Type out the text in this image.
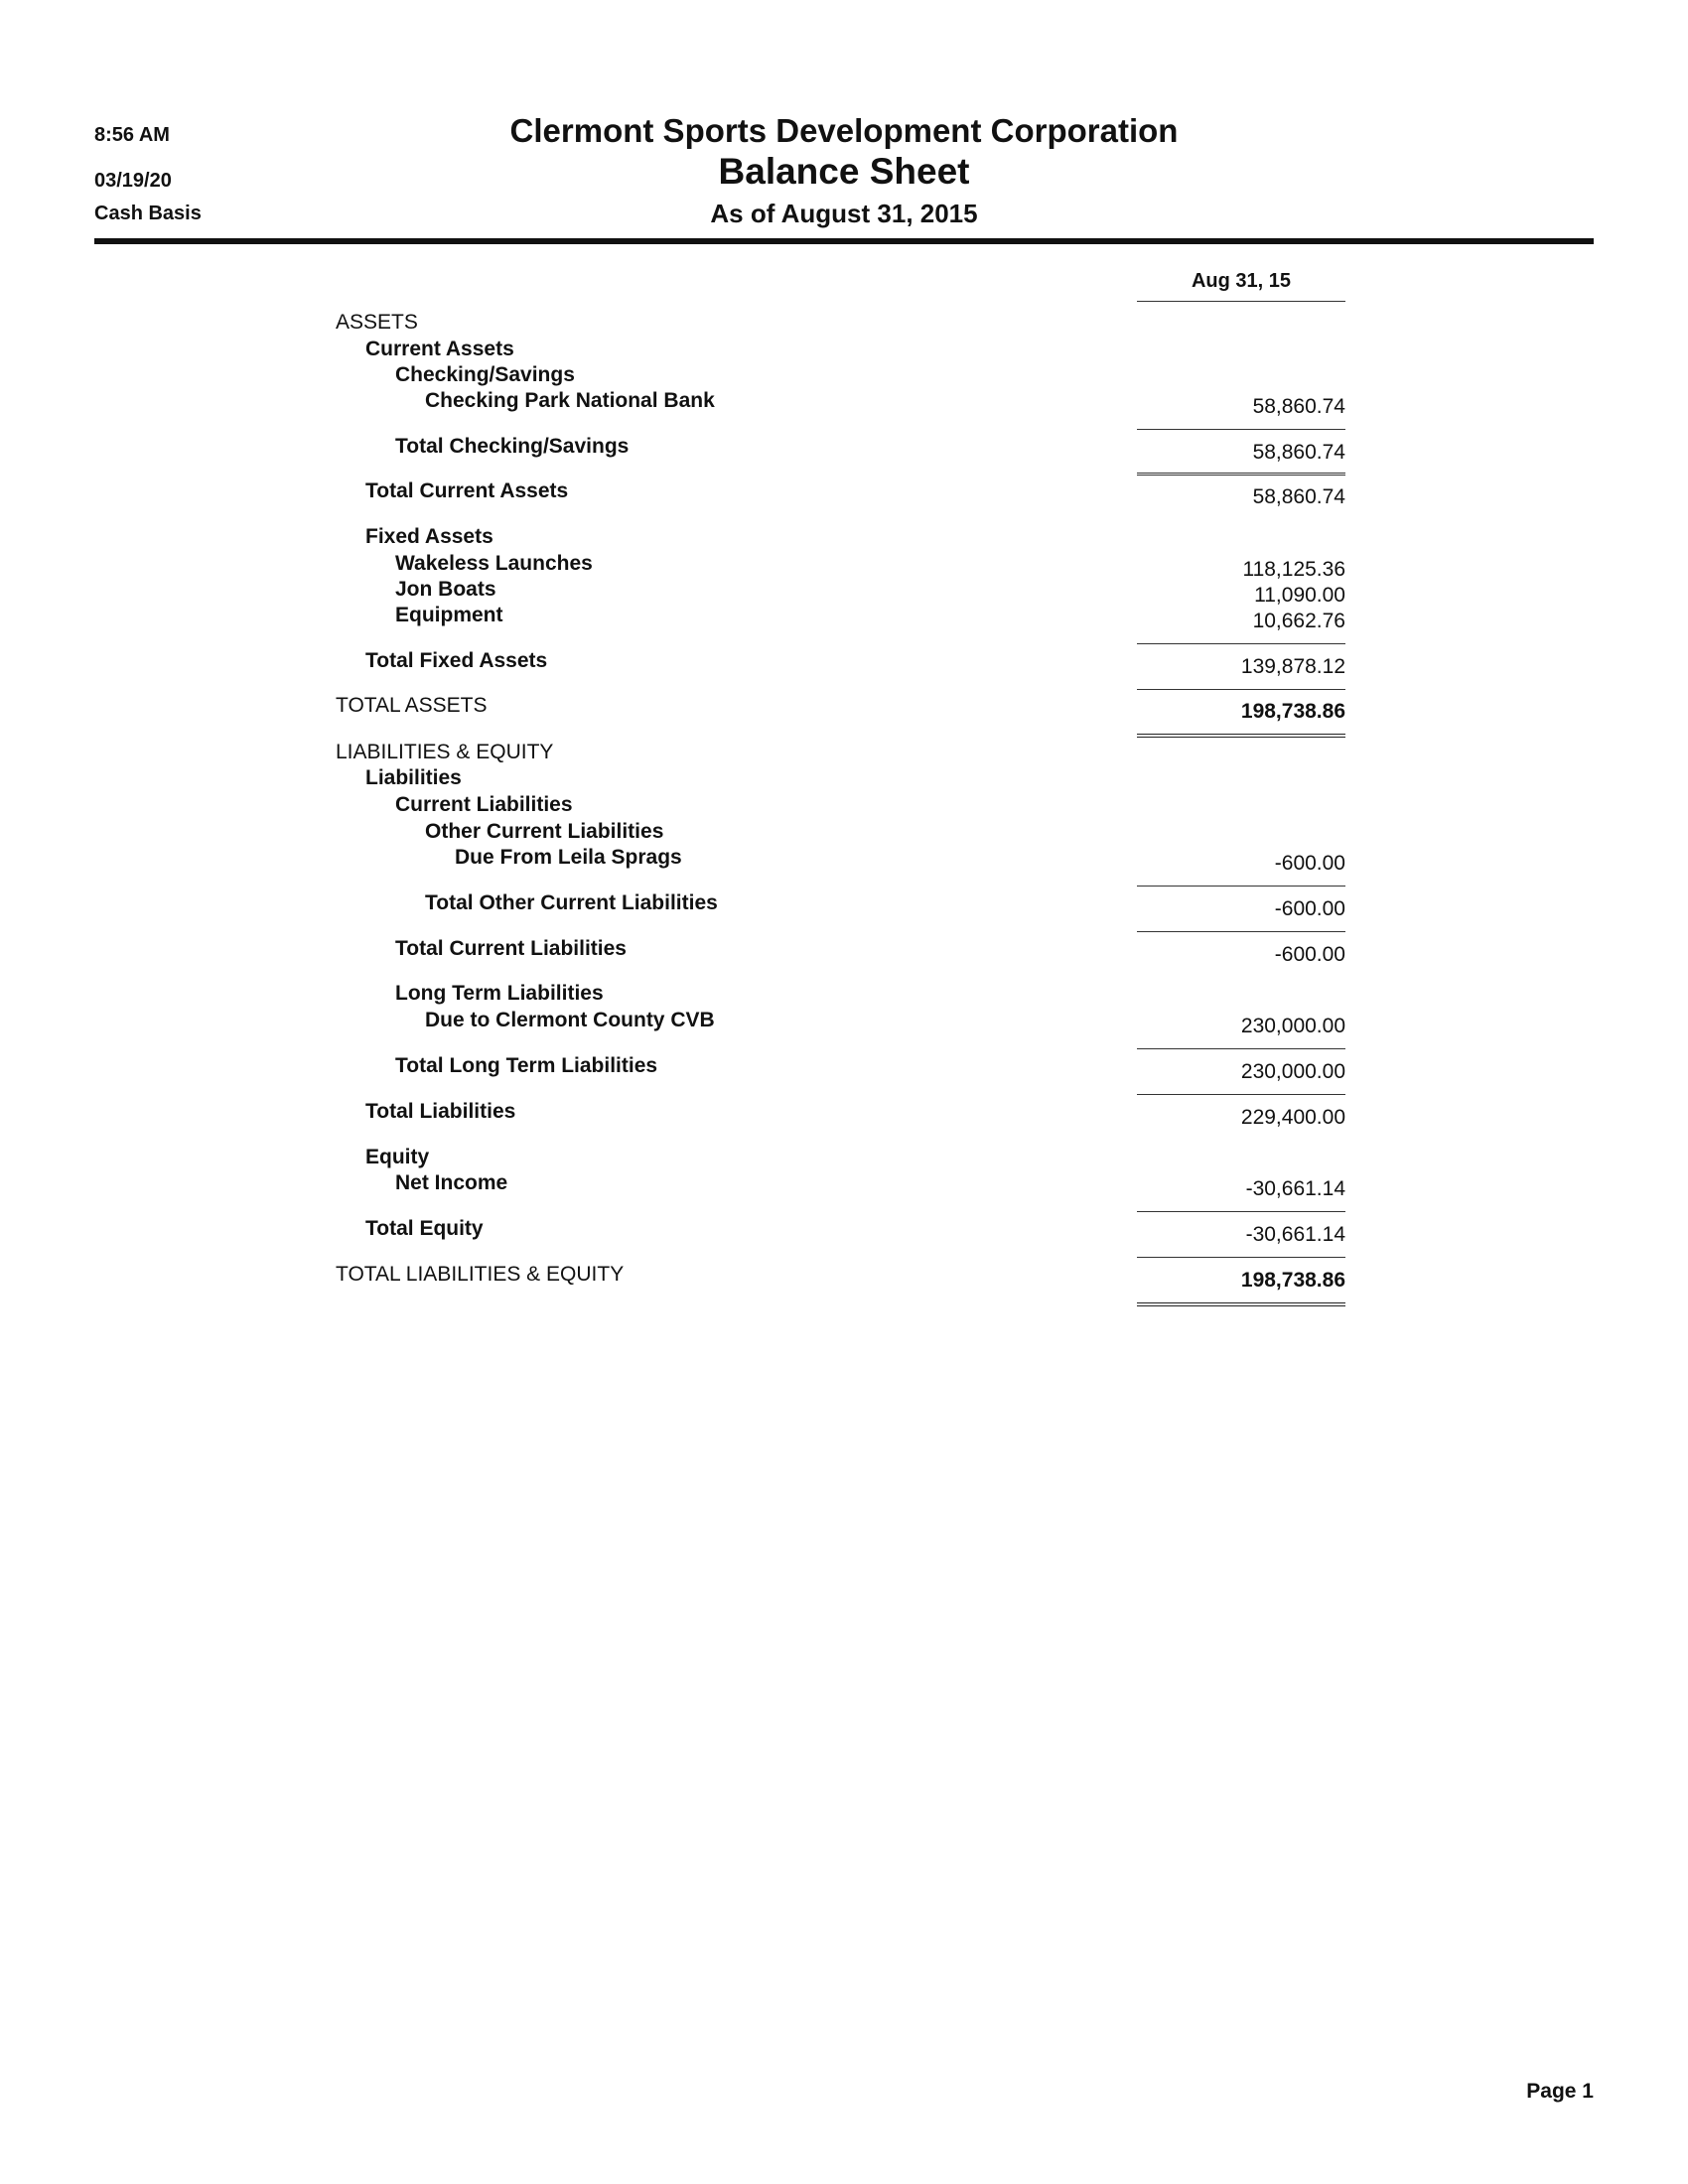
8:56 AM
03/19/20
Cash Basis
Clermont Sports Development Corporation
Balance Sheet
As of August 31, 2015
Aug 31, 15
ASSETS
Current Assets
Checking/Savings
Checking Park National Bank	58,860.74
Total Checking/Savings	58,860.74
Total Current Assets	58,860.74
Fixed Assets
Wakeless Launches	118,125.36
Jon Boats	11,090.00
Equipment	10,662.76
Total Fixed Assets	139,878.12
TOTAL ASSETS	198,738.86
LIABILITIES & EQUITY
Liabilities
Current Liabilities
Other Current Liabilities
Due From Leila Sprags	-600.00
Total Other Current Liabilities	-600.00
Total Current Liabilities	-600.00
Long Term Liabilities
Due to Clermont County CVB	230,000.00
Total Long Term Liabilities	230,000.00
Total Liabilities	229,400.00
Equity
Net Income	-30,661.14
Total Equity	-30,661.14
TOTAL LIABILITIES & EQUITY	198,738.86
Page 1
